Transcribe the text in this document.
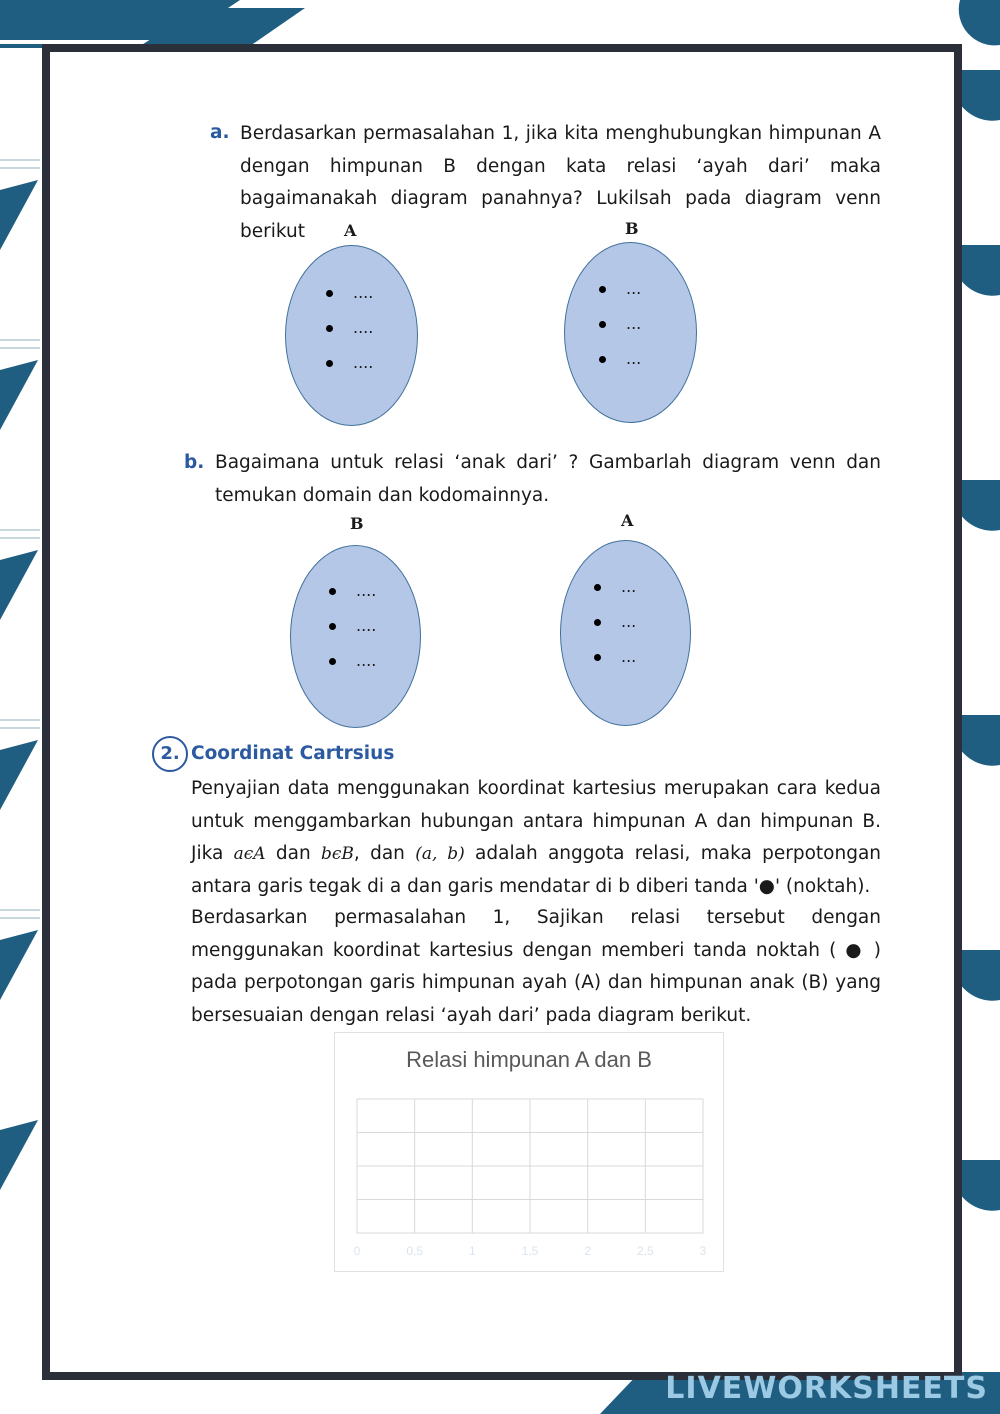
a. Berdasarkan permasalahan 1, jika kita menghubungkan himpunan A dengan himpunan B dengan kata relasi ‘ayah dari’ maka bagaimanakah diagram panahnya? Lukilsah pada diagram venn berikut	A	B
....
....
....
...
...
...
b. Bagaimana untuk relasi ‘anak dari’ ? Gambarlah diagram venn dan temukan domain dan kodomainnya.
B	A
....
....
....
...
...
...
2. Coordinat Cartrsius
Penyajian data menggunakan koordinat kartesius merupakan cara kedua untuk menggambarkan hubungan antara himpunan A dan himpunan B. Jika aϵA dan bϵB, dan (a, b) adalah anggota relasi, maka perpotongan antara garis tegak di a dan garis mendatar di b diberi tanda '●' (noktah).
Berdasarkan permasalahan 1, Sajikan relasi tersebut dengan menggunakan koordinat kartesius dengan memberi tanda noktah ( ● ) pada perpotongan garis himpunan ayah (A) dan himpunan anak (B) yang bersesuaian dengan relasi ‘ayah dari’ pada diagram berikut.
Relasi himpunan A dan B
0	0,5	1	1,5	2	2,5	3
LIVEWORKSHEETS
